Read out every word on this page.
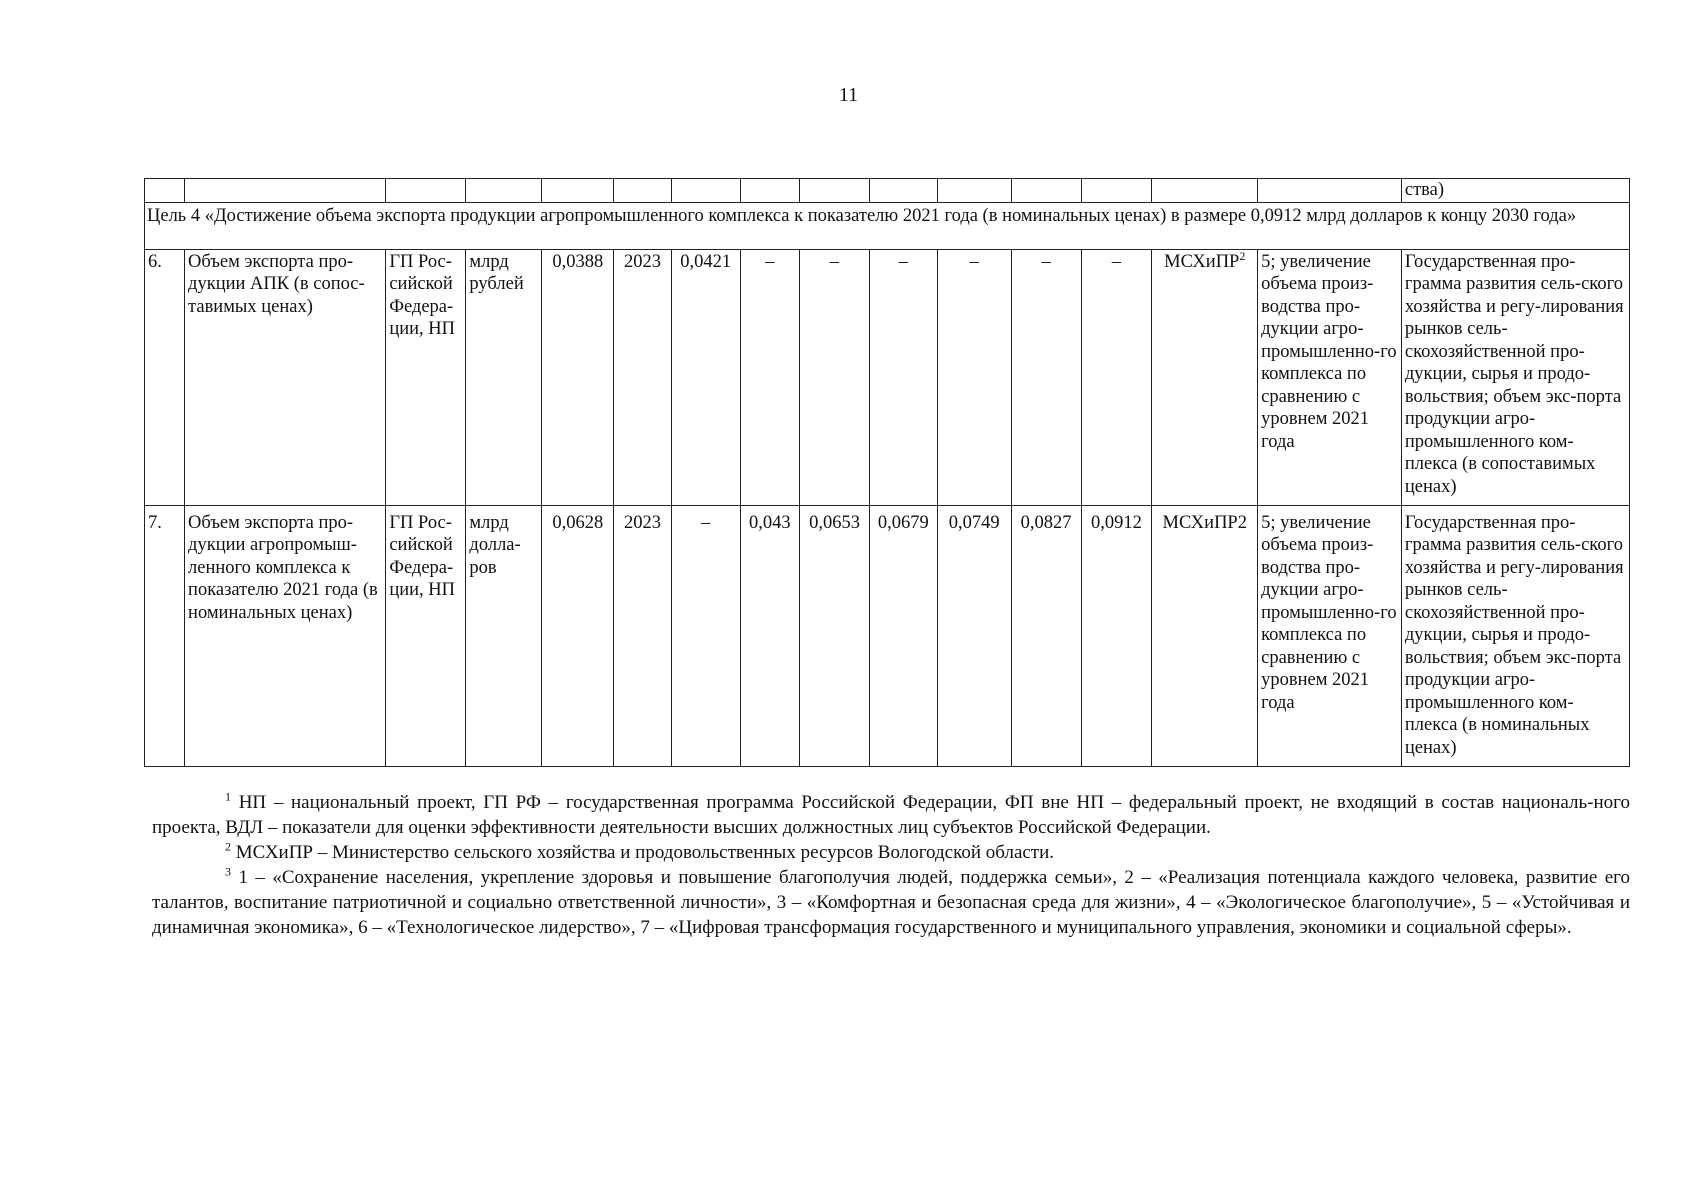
11
															ства)
Цель 4 «Достижение объема экспорта продукции агропромышленного комплекса к показателю 2021 года (в номинальных ценах) в размере 0,0912 млрд долларов к концу 2030 года»															
6.	Объем экспорта про-дукции АПК (в сопос-тавимых ценах)	ГП Рос-сийской Федера-ции, НП	млрд рублей	0,0388	2023	0,0421	–	–	–	–	–	–	МСХиПР$^2$	5; увеличение объема произ-водства про-дукции агро-промышленно-го комплекса по сравнению с уровнем 2021 года	Государственная про-грамма развития сель-ского хозяйства и регу-лирования рынков сель-скохозяйственной про-дукции, сырья и продо-вольствия; объем экс-порта продукции агро-промышленного ком-плекса (в сопоставимых ценах)
7.	Объем экспорта про-дукции агропромыш-ленного комплекса к показателю 2021 года (в номинальных ценах)	ГП Рос-сийской Федера-ции, НП	млрд долла-ров	0,0628	2023	–	0,043	0,0653	0,0679	0,0749	0,0827	0,0912	МСХиПР2	5; увеличение объема произ-водства про-дукции агро-промышленно-го комплекса по сравнению с уровнем 2021 года	Государственная про-грамма развития сель-ского хозяйства и регу-лирования рынков сель-скохозяйственной про-дукции, сырья и продо-вольствия; объем экс-порта продукции агро-промышленного ком-плекса (в номинальных ценах)

$^1$ НП – национальный проект, ГП РФ – государственная программа Российской Федерации, ФП вне НП – федеральный проект, не входящий в состав националь-ного проекта, ВДЛ – показатели для оценки эффективности деятельности высших должностных лиц субъектов Российской Федерации.

$^2$ МСХиПР – Министерство сельского хозяйства и продовольственных ресурсов Вологодской области.

$^3$ 1 – «Сохранение населения, укрепление здоровья и повышение благополучия людей, поддержка семьи», 2 – «Реализация потенциала каждого человека, развитие его талантов, воспитание патриотичной и социально ответственной личности», 3 – «Комфортная и безопасная среда для жизни», 4 – «Экологическое благополучие», 5 – «Устойчивая и динамичная экономика», 6 – «Технологическое лидерство», 7 – «Цифровая трансформация государственного и муниципального управления, экономики и социальной сферы».
